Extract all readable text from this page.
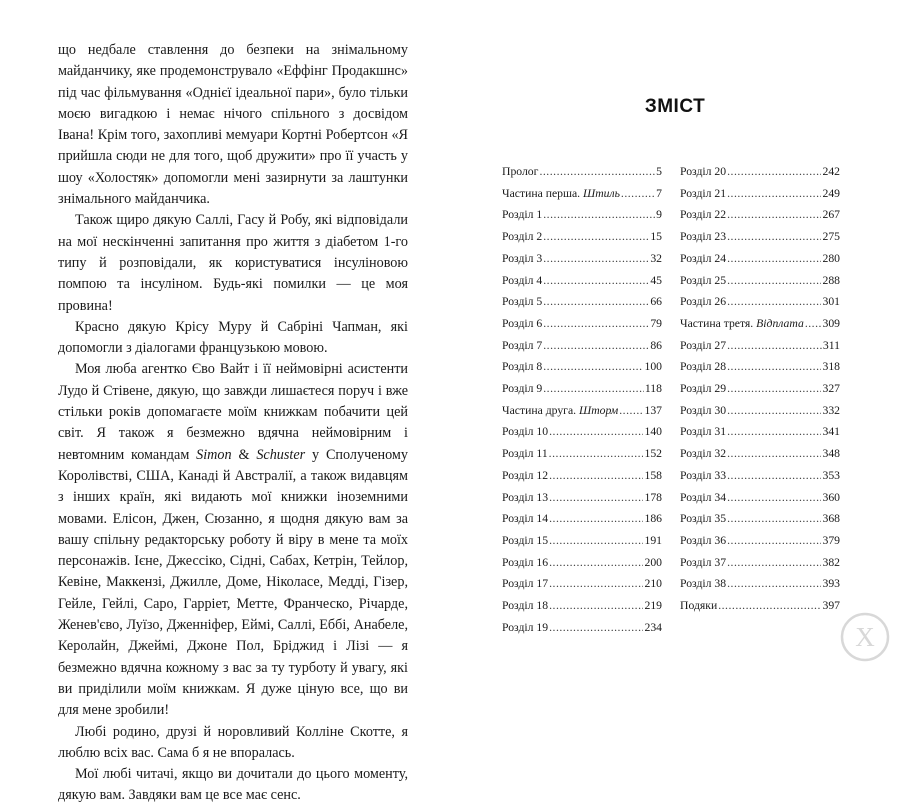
що недбале ставлення до безпеки на знімальному майданчику, яке продемонструвало «Еффінг Продакшнс» під час фільмування «Однієї ідеальної пари», було тільки моєю вигадкою і немає нічого спільного з досвідом Івана! Крім того, захопливі мемуари Кортні Робертсон «Я прийшла сюди не для того, щоб дружити» про її участь у шоу «Холостяк» допомогли мені зазирнути за лаштунки знімального майданчика.

Також щиро дякую Саллі, Гасу й Робу, які відповідали на мої нескінченні запитання про життя з діабетом 1-го типу й розповідали, як користуватися інсуліновою помпою та інсуліном. Будь-які помилки — це моя провина!

Красно дякую Крісу Муру й Сабріні Чапман, які допомогли з діалогами французькою мовою.

Моя люба агентко Єво Вайт і її неймовірні асистенти Лудо й Стівене, дякую, що завжди лишаєтеся поруч і вже стільки років допомагаєте моїм книжкам побачити цей світ. Я також я безмежно вдячна неймовірним і невтомним командам Simon & Schuster у Сполученому Королівстві, США, Канаді й Австралії, а також видавцям з інших країн, які видають мої книжки іноземними мовами. Елісон, Джен, Сюзанно, я щодня дякую вам за вашу спільну редакторську роботу й віру в мене та моїх персонажів. Ієне, Джессіко, Сідні, Сабах, Кетрін, Тейлор, Кевіне, Маккензі, Джилле, Доме, Ніколасе, Медді, Гізер, Гейле, Гейлі, Саро, Гарріет, Метте, Франческо, Річарде, Женев'єво, Луїзо, Дженніфер, Еймі, Саллі, Еббі, Анабеле, Керолайн, Джеймі, Джоне Пол, Бріджид і Лізі — я безмежно вдячна кожному з вас за ту турботу й увагу, які ви приділили моїм книжкам. Я дуже ціную все, що ви для мене зробили!

Любі родино, друзі й норовливий Колліне Скотте, я люблю всіх вас. Сама б я не впоралась.

Мої любі читачі, якщо ви дочитали до цього моменту, дякую вам. Завдяки вам це все має сенс.

ЗМІСТ
Пролог .....	5
Частина перша. Штиль .....	7
Розділ 1 .....	9
Розділ 2 .....	15
Розділ 3 .....	32
Розділ 4 .....	45
Розділ 5 .....	66
Розділ 6 .....	79
Розділ 7 .....	86
Розділ 8 .....	100
Розділ 9 .....	118
Частина друга. Шторм ..... 137
Розділ 10 .....	140
Розділ 11 .....	152
Розділ 12 .....	158
Розділ 13 .....	178
Розділ 14 .....	186
Розділ 15 .....	191
Розділ 16 .....	200
Розділ 17 .....	210
Розділ 18 .....	219
Розділ 19 .....	234
Розділ 20 .....	242
Розділ 21 .....	249
Розділ 22 .....	267
Розділ 23 .....	275
Розділ 24 .....	280
Розділ 25 .....	288
Розділ 26 .....	301
Частина третя. Відплата ..... 309
Розділ 27 .....	311
Розділ 28 .....	318
Розділ 29 .....	327
Розділ 30 .....	332
Розділ 31 .....	341
Розділ 32 .....	348
Розділ 33 .....	353
Розділ 34 .....	360
Розділ 35 .....	368
Розділ 36 .....	379
Розділ 37 .....	382
Розділ 38 .....	393
Подяки .....	397
X
